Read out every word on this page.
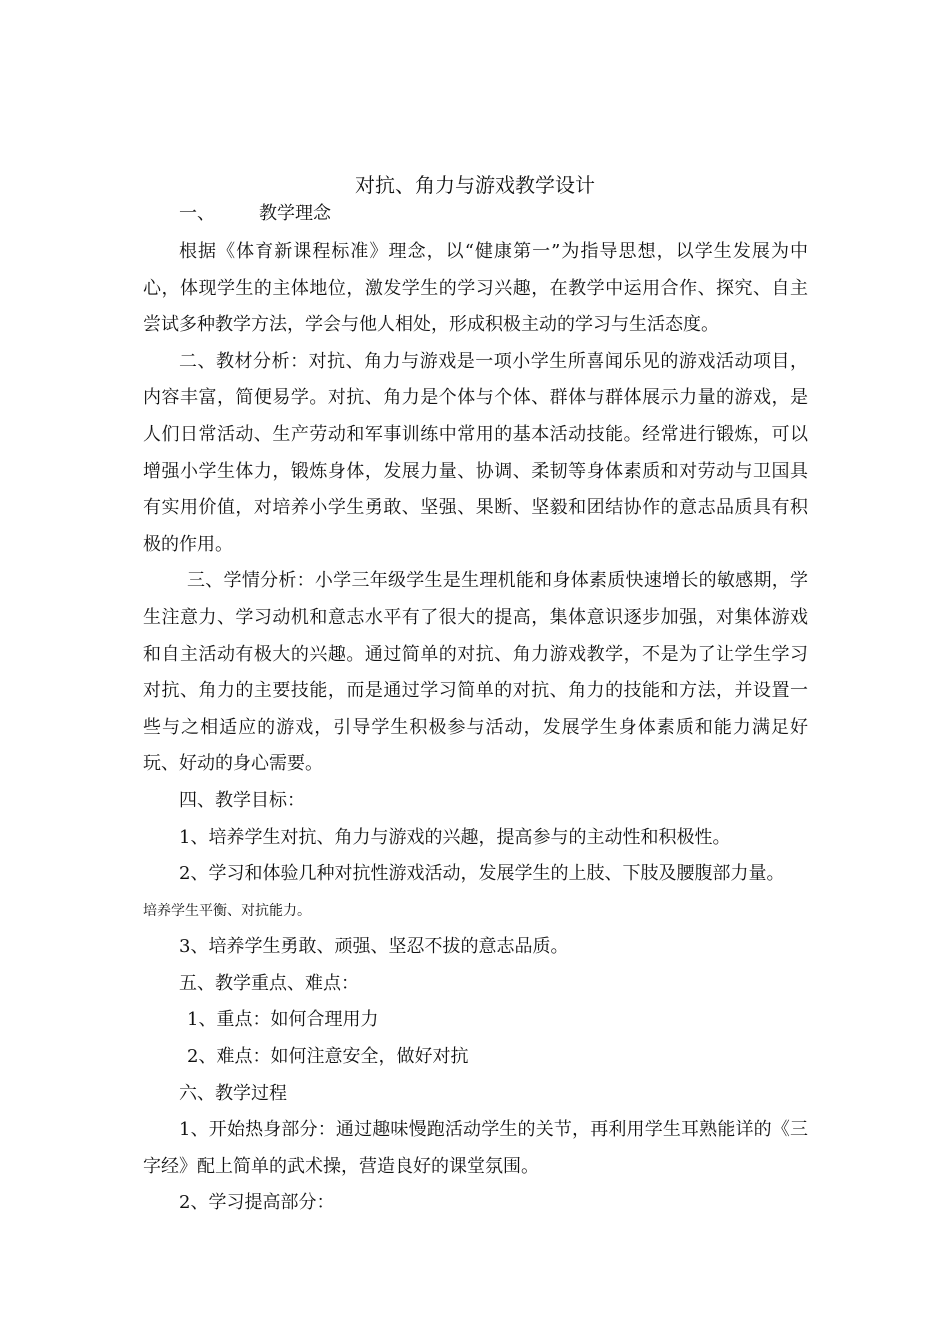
对抗、角力与游戏教学设计

一、 教学理念

根据《体育新课程标准》理念，以“健康第一”为指导思想，以学生发展为中心，体现学生的主体地位，激发学生的学习兴趣，在教学中运用合作、探究、自主尝试多种教学方法，学会与他人相处，形成积极主动的学习与生活态度。

二、教材分析：对抗、角力与游戏是一项小学生所喜闻乐见的游戏活动项目，内容丰富，简便易学。对抗、角力是个体与个体、群体与群体展示力量的游戏，是人们日常活动、生产劳动和军事训练中常用的基本活动技能。经常进行锻炼，可以增强小学生体力，锻炼身体，发展力量、协调、柔韧等身体素质和对劳动与卫国具有实用价值，对培养小学生勇敢、坚强、果断、坚毅和团结协作的意志品质具有积极的作用。

三、学情分析：小学三年级学生是生理机能和身体素质快速增长的敏感期，学生注意力、学习动机和意志水平有了很大的提高，集体意识逐步加强，对集体游戏和自主活动有极大的兴趣。通过简单的对抗、角力游戏教学，不是为了让学生学习对抗、角力的主要技能，而是通过学习简单的对抗、角力的技能和方法，并设置一些与之相适应的游戏，引导学生积极参与活动，发展学生身体素质和能力满足好玩、好动的身心需要。

四、教学目标：

1、培养学生对抗、角力与游戏的兴趣，提高参与的主动性和积极性。

2、学习和体验几种对抗性游戏活动，发展学生的上肢、下肢及腰腹部力量。

培养学生平衡、对抗能力。

3、培养学生勇敢、顽强、坚忍不拔的意志品质。

五、教学重点、难点：

1、重点：如何合理用力

2、难点：如何注意安全，做好对抗

六、教学过程

1、开始热身部分：通过趣味慢跑活动学生的关节，再利用学生耳熟能详的《三字经》配上简单的武术操，营造良好的课堂氛围。

2、学习提高部分：
